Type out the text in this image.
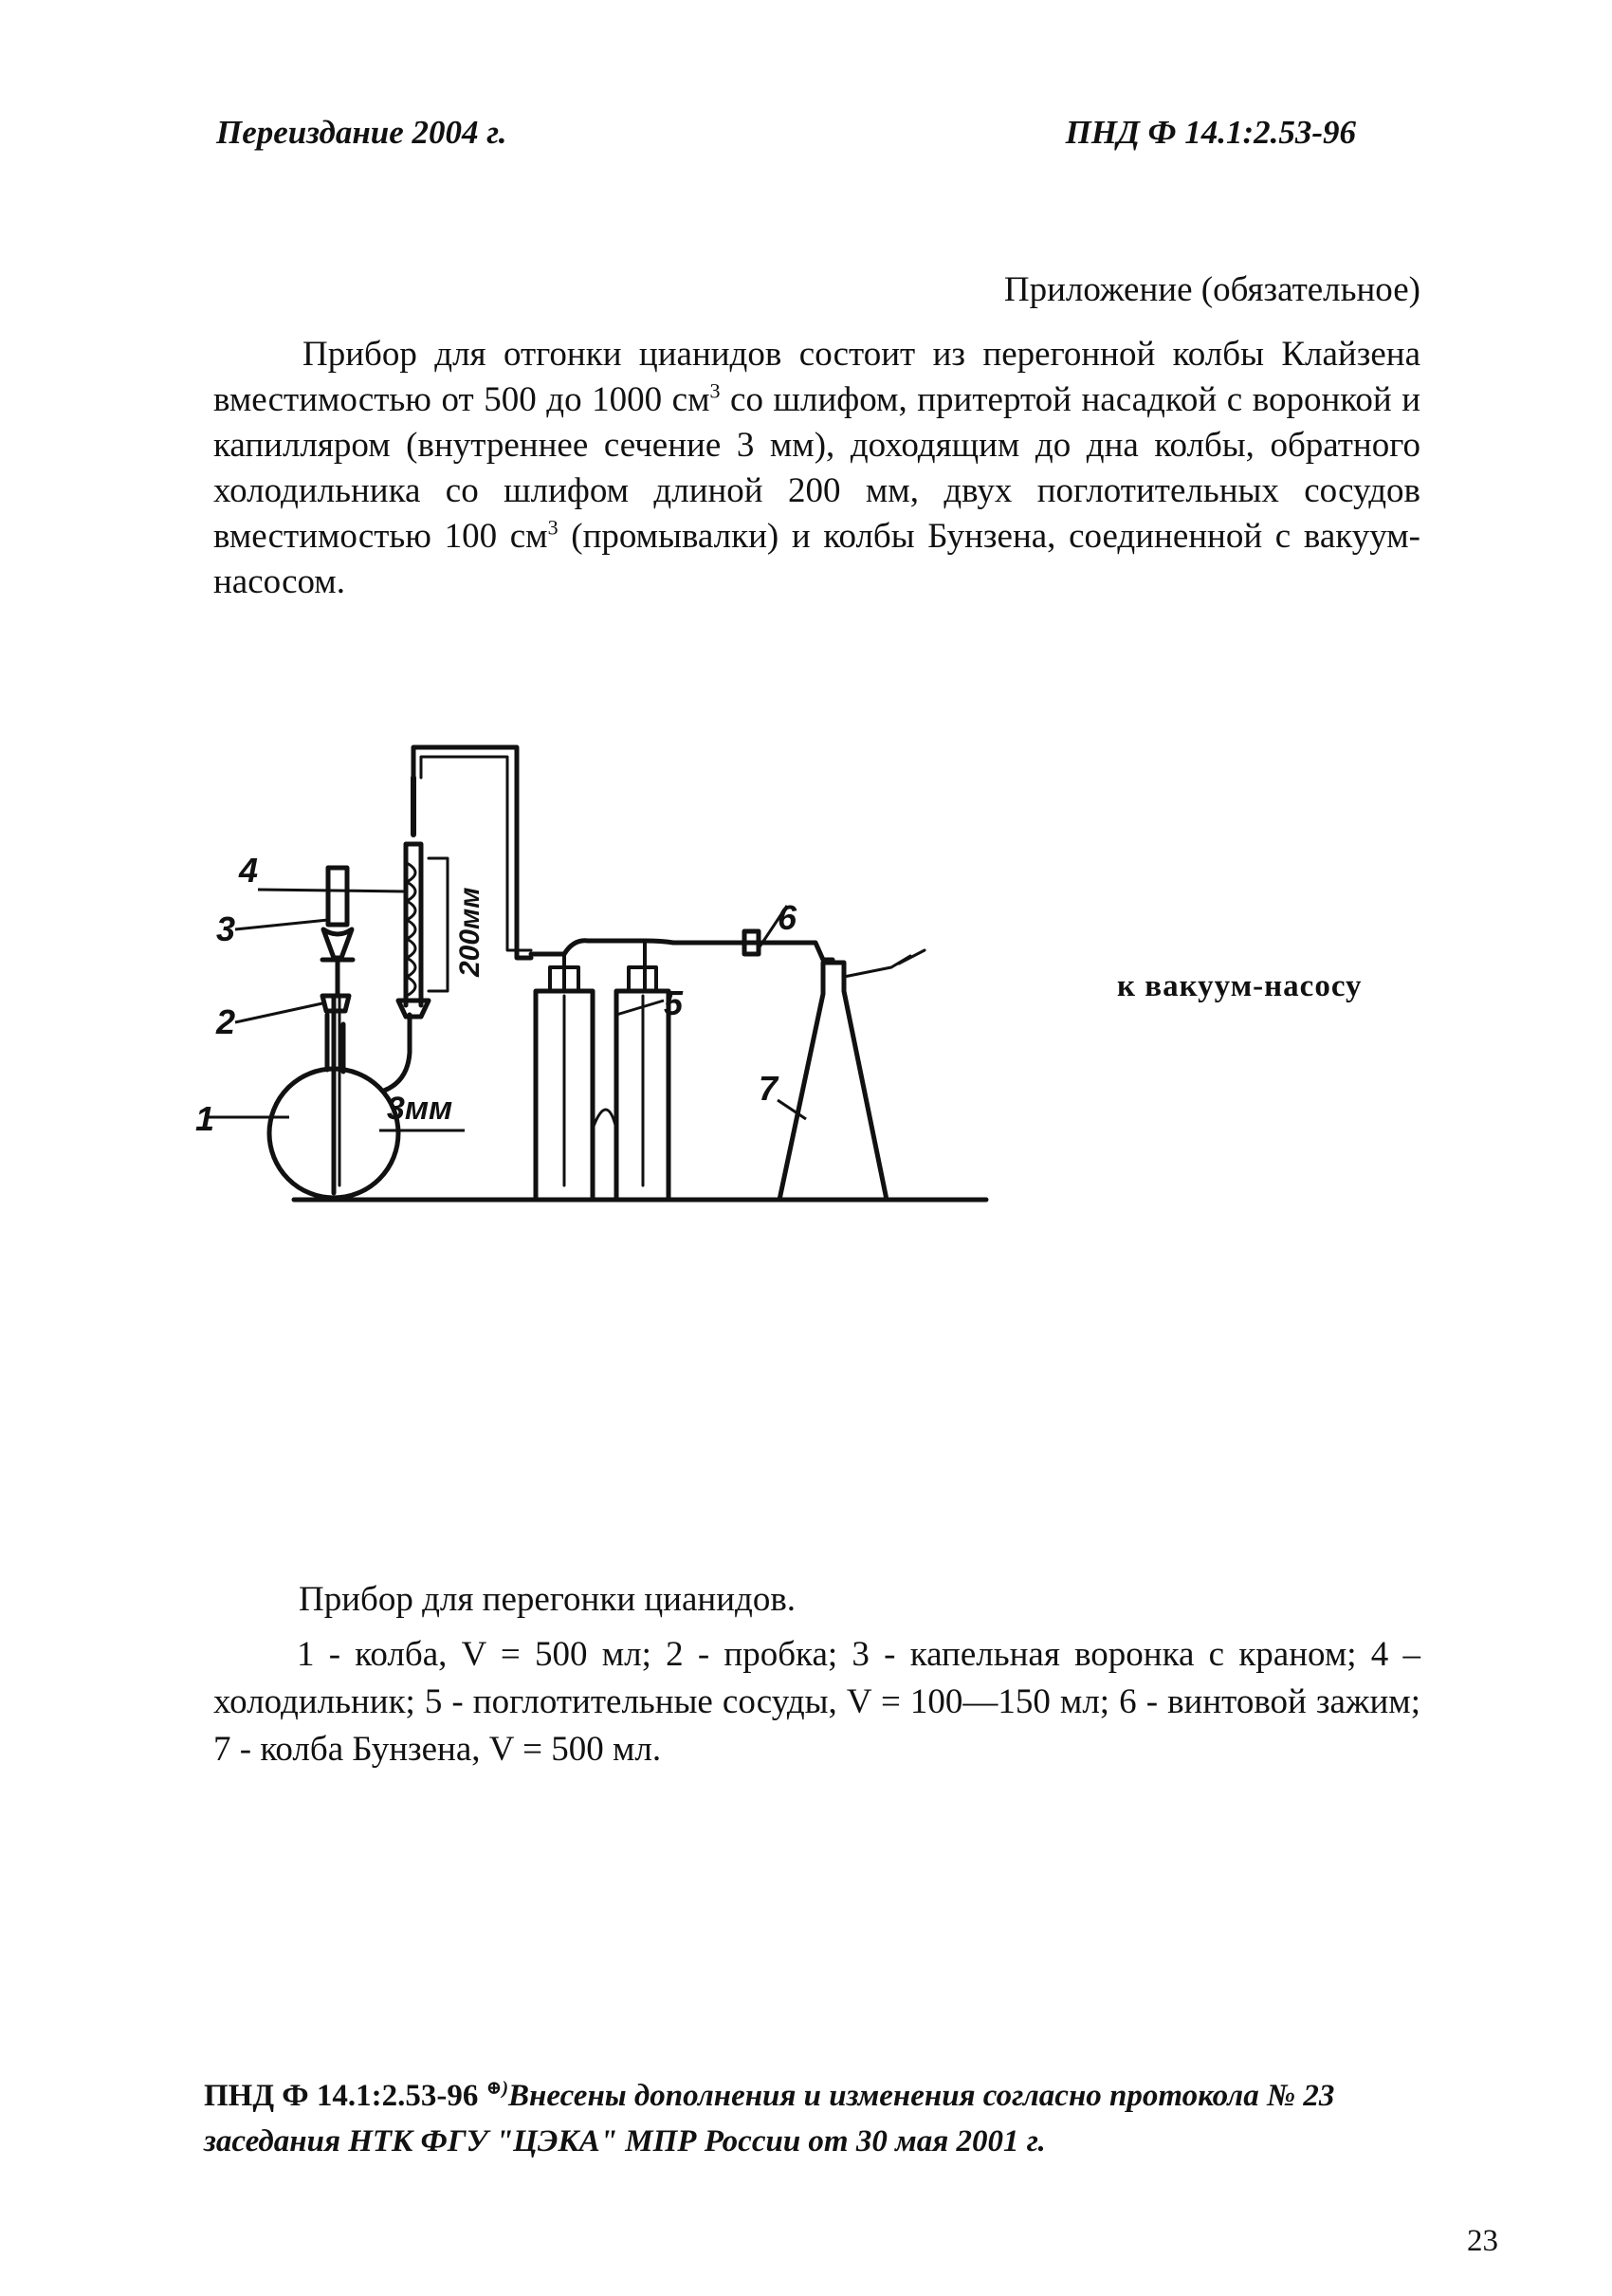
Переиздание 2004 г.	ПНД Ф 14.1:2.53-96
Приложение (обязательное)

Прибор для отгонки цианидов состоит из перегонной колбы Клайзена вместимостью от 500 до 1000 $см^3$ со шлифом, притертой насадкой с воронкой и капилляром (внутреннее сечение 3 мм), доходящим до дна колбы, обратного холодильника со шлифом длиной 200 мм, двух поглотительных сосудов вместимостью 100 $см^3$ (промывалки) и колбы Бунзена, соединенной с вакуум-насосом.

1
2
3
4
5
6
7
3мм
200мм
к вакуум-насосу
Прибор для перегонки цианидов.

1 - колба, V = 500 мл; 2 - пробка; 3 - капельная воронка с краном; 4 – холодильник; 5 - поглотительные сосуды, V = 100—150 мл; 6 - винтовой зажим; 7 - колба Бунзена, V = 500 мл.

ПНД Ф 14.1:2.53-96 ⊕)Внесены дополнения и изменения согласно протокола № 23 заседания НТК ФГУ "ЦЭКА" МПР России от 30 мая 2001 г.
23
